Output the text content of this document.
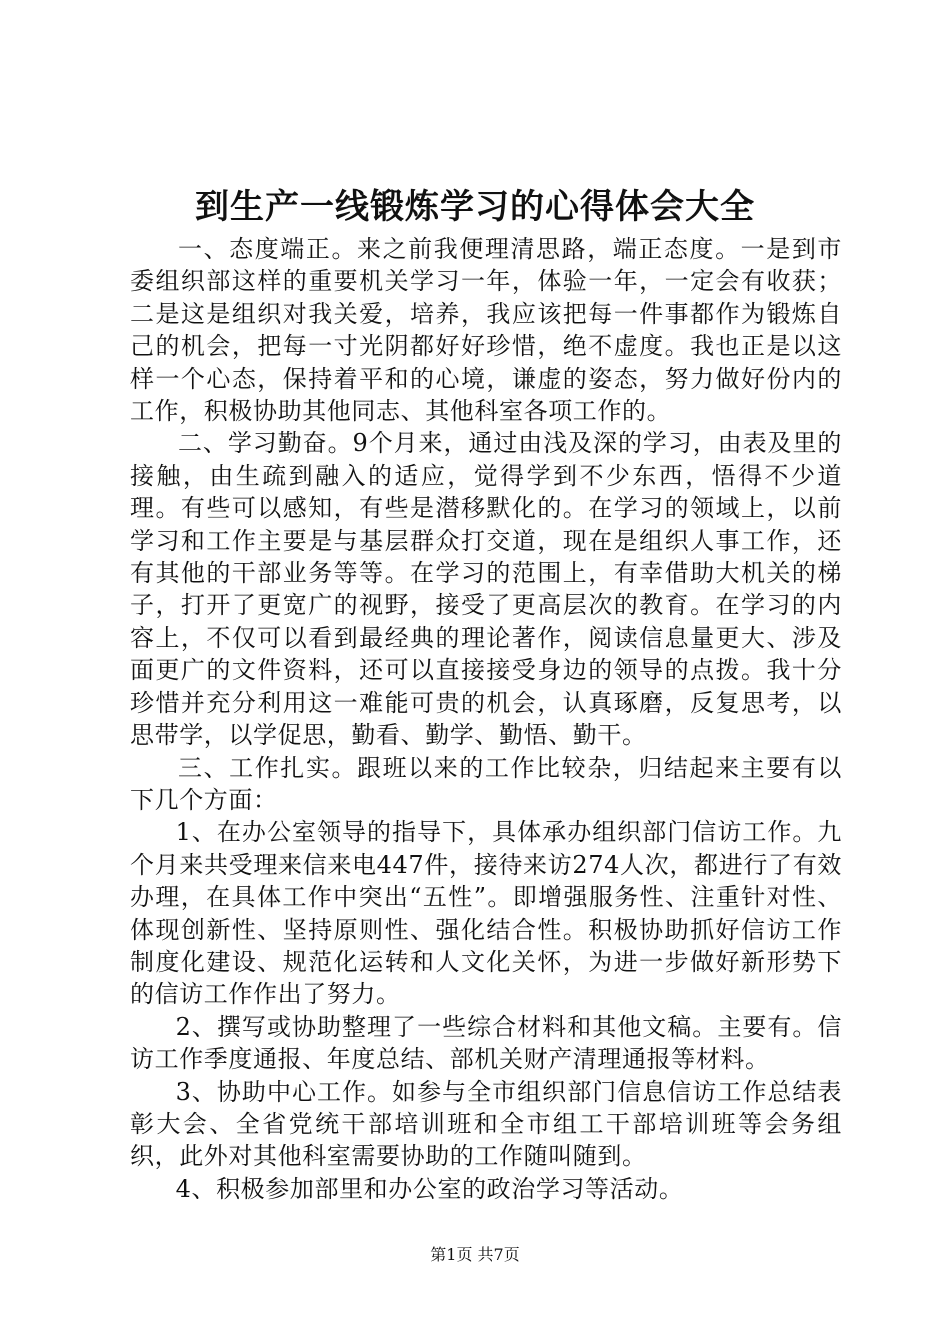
到生产一线锻炼学习的心得体会大全

一、态度端正。来之前我便理清思路，端正态度。一是到市委组织部这样的重要机关学习一年，体验一年，一定会有收获；二是这是组织对我关爱，培养，我应该把每一件事都作为锻炼自己的机会，把每一寸光阴都好好珍惜，绝不虚度。我也正是以这样一个心态，保持着平和的心境，谦虚的姿态，努力做好份内的工作，积极协助其他同志、其他科室各项工作的。

二、学习勤奋。9个月来，通过由浅及深的学习，由表及里的接触，由生疏到融入的适应，觉得学到不少东西，悟得不少道理。有些可以感知，有些是潜移默化的。在学习的领域上，以前学习和工作主要是与基层群众打交道，现在是组织人事工作，还有其他的干部业务等等。在学习的范围上，有幸借助大机关的梯子，打开了更宽广的视野，接受了更高层次的教育。在学习的内容上，不仅可以看到最经典的理论著作，阅读信息量更大、涉及面更广的文件资料，还可以直接接受身边的领导的点拨。我十分珍惜并充分利用这一难能可贵的机会，认真琢磨，反复思考，以思带学，以学促思，勤看、勤学、勤悟、勤干。

三、工作扎实。跟班以来的工作比较杂，归结起来主要有以下几个方面：

1、在办公室领导的指导下，具体承办组织部门信访工作。九个月来共受理来信来电447件，接待来访274人次，都进行了有效办理，在具体工作中突出“五性”。即增强服务性、注重针对性、体现创新性、坚持原则性、强化结合性。积极协助抓好信访工作制度化建设、规范化运转和人文化关怀，为进一步做好新形势下的信访工作作出了努力。

2、撰写或协助整理了一些综合材料和其他文稿。主要有。信访工作季度通报、年度总结、部机关财产清理通报等材料。

3、协助中心工作。如参与全市组织部门信息信访工作总结表彰大会、全省党统干部培训班和全市组工干部培训班等会务组织，此外对其他科室需要协助的工作随叫随到。

4、积极参加部里和办公室的政治学习等活动。

第1页 共7页
